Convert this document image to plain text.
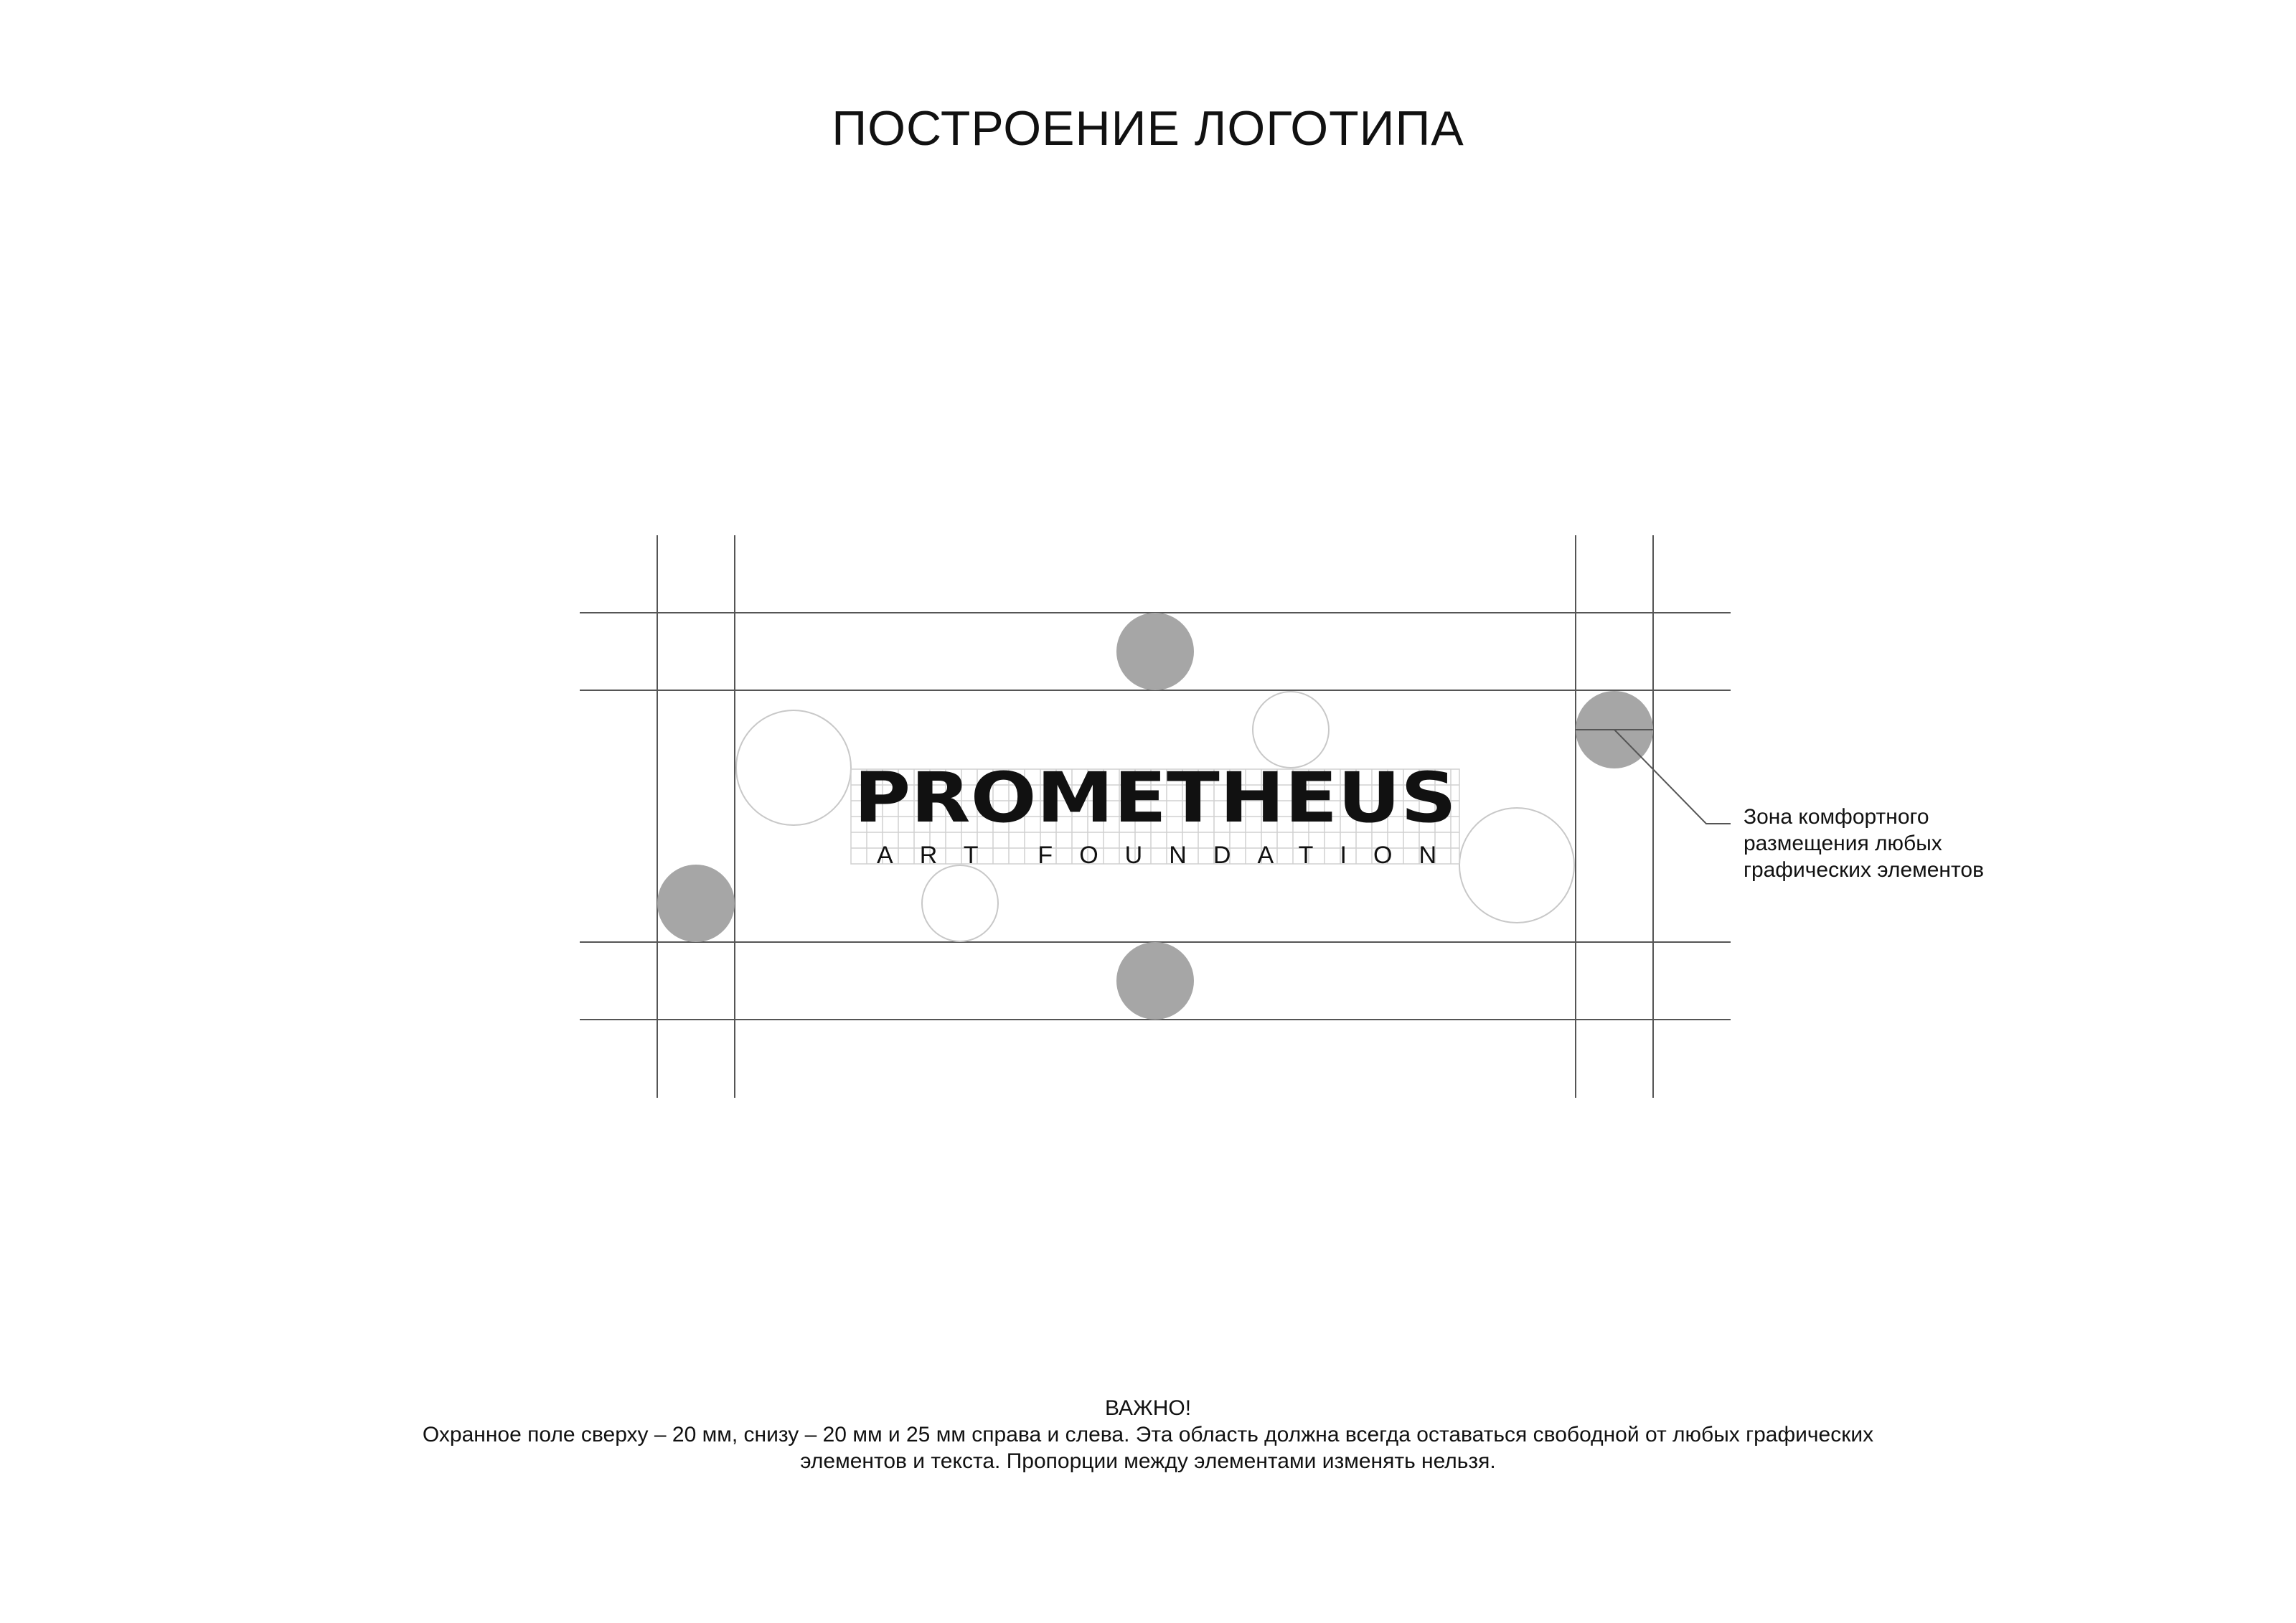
ПОСТРОЕНИЕ ЛОГОТИПА
PROMETHEUS
ART FOUNDATION
Зона комфортного
размещения любых
графических элементов
ВАЖНО!
Охранное поле сверху – 20 мм, снизу – 20 мм и 25 мм справа и слева. Эта область должна всегда оставаться свободной от любых графических
элементов и текста. Пропорции между элементами изменять нельзя.
